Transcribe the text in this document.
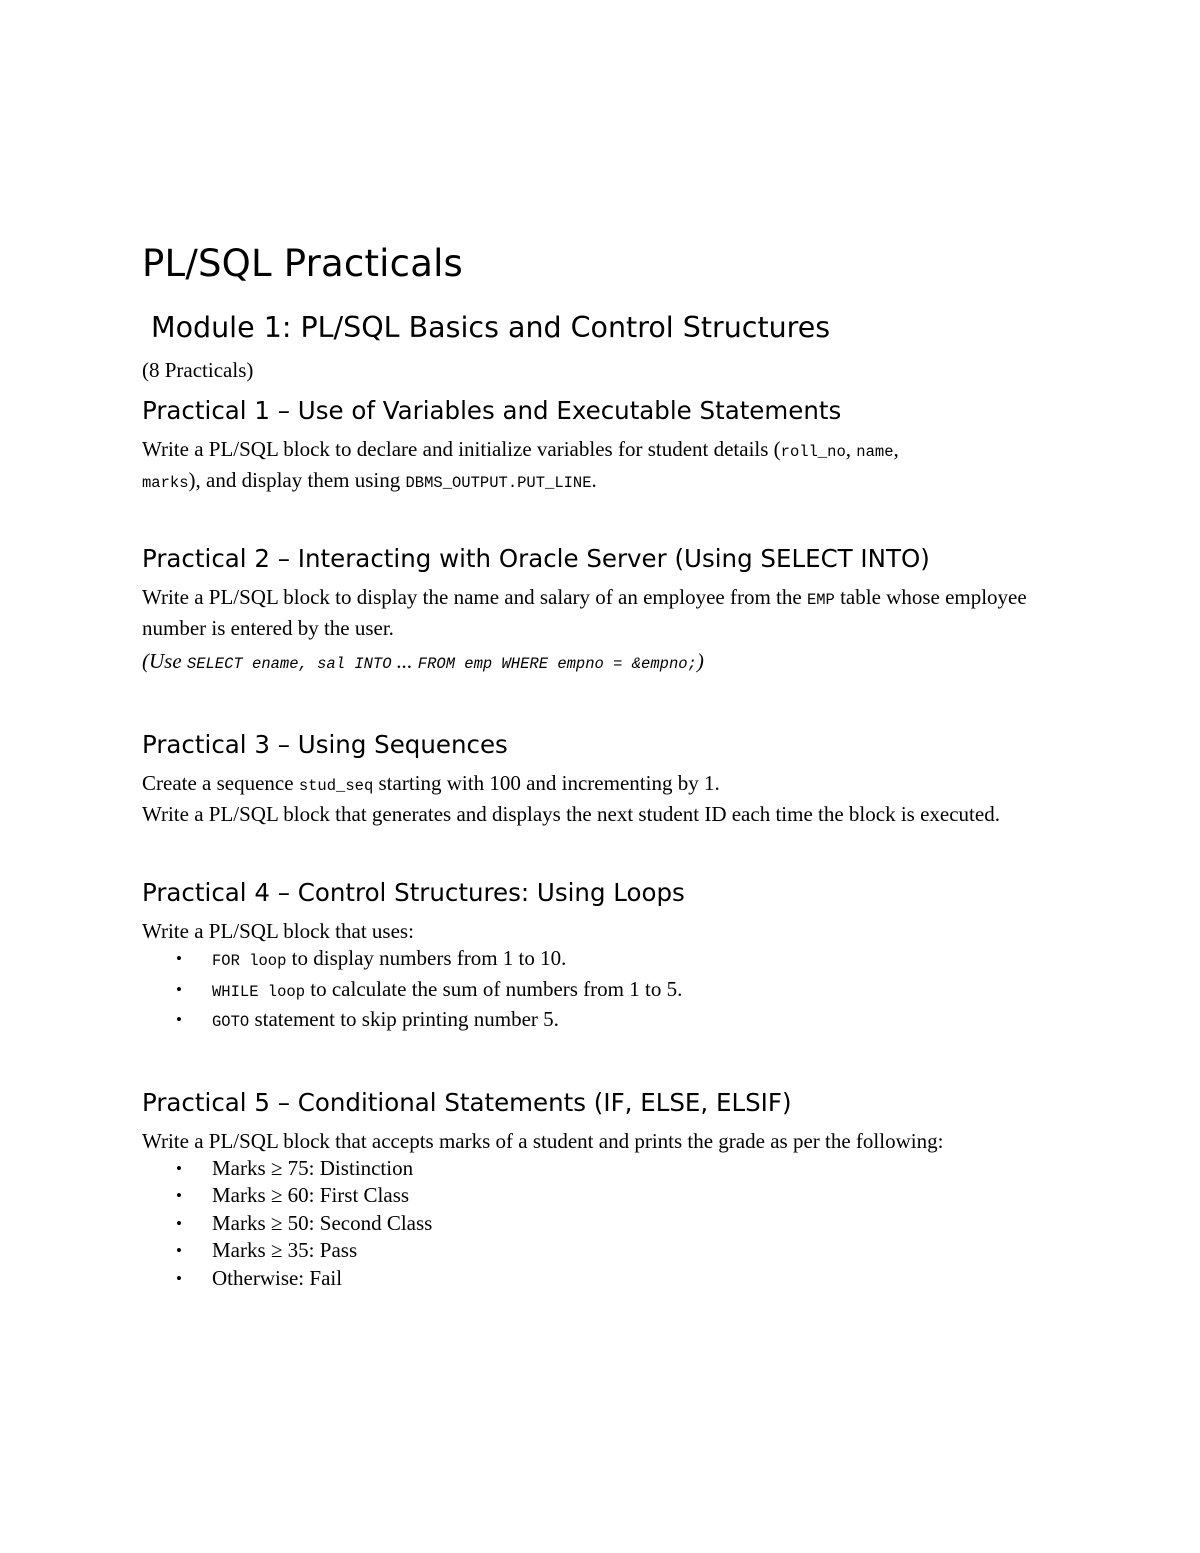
PL/SQL Practicals
Module 1: PL/SQL Basics and Control Structures

(8 Practicals)

Practical 1 – Use of Variables and Executable Statements

Write a PL/SQL block to declare and initialize variables for student details (roll_no, name,
marks), and display them using DBMS_OUTPUT.PUT_LINE.

Practical 2 – Interacting with Oracle Server (Using SELECT INTO)

Write a PL/SQL block to display the name and salary of an employee from the EMP table whose employee number is entered by the user.

(Use SELECT ename, sal INTO ... FROM emp WHERE empno = &empno;)

Practical 3 – Using Sequences

Create a sequence stud_seq starting with 100 and incrementing by 1.

Write a PL/SQL block that generates and displays the next student ID each time the block is executed.

Practical 4 – Control Structures: Using Loops

Write a PL/SQL block that uses:

• FOR loop to display numbers from 1 to 10.
• WHILE loop to calculate the sum of numbers from 1 to 5.
• GOTO statement to skip printing number 5.
Practical 5 – Conditional Statements (IF, ELSE, ELSIF)

Write a PL/SQL block that accepts marks of a student and prints the grade as per the following:

• Marks ≥ 75: Distinction
• Marks ≥ 60: First Class
• Marks ≥ 50: Second Class
• Marks ≥ 35: Pass
• Otherwise: Fail
